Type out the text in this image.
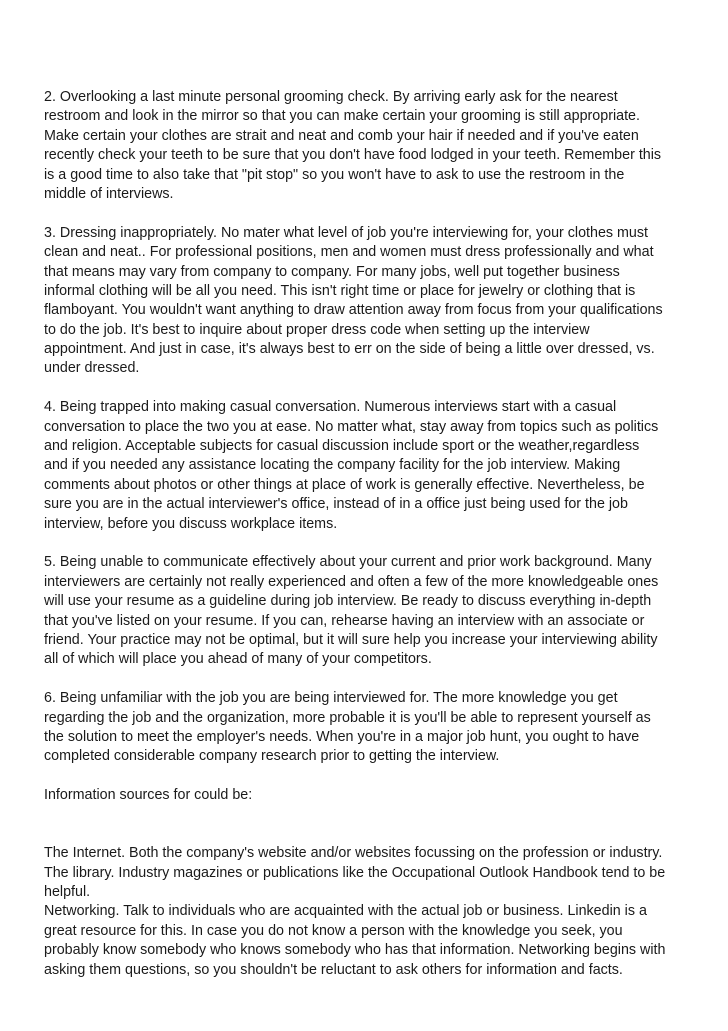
2. Overlooking a last minute personal grooming check. By arriving early ask for the nearest
restroom and look in the mirror so that you can make certain your grooming is still appropriate.
Make certain your clothes are strait and neat and comb your hair if needed and if you've eaten
recently check your teeth to be sure that you don't have food lodged in your teeth. Remember this
is a good time to also take that "pit stop" so you won't have to ask to use the restroom in the
middle of interviews.
3. Dressing inappropriately. No mater what level of job you're interviewing for, your clothes must
clean and neat.. For professional positions, men and women must dress professionally and what
that means may vary from company to company. For many jobs, well put together business
informal clothing will be all you need. This isn't right time or place for jewelry or clothing that is
flamboyant. You wouldn't want anything to draw attention away from focus from your qualifications
to do the job. It's best to inquire about proper dress code when setting up the interview
appointment. And just in case, it's always best to err on the side of being a little over dressed, vs.
under dressed.
4. Being trapped into making casual conversation. Numerous interviews start with a casual
conversation to place the two you at ease. No matter what, stay away from topics such as politics
and religion. Acceptable subjects for casual discussion include sport or the weather,regardless
and if you needed any assistance locating the company facility for the job interview. Making
comments about photos or other things at place of work is generally effective. Nevertheless, be
sure you are in the actual interviewer's office, instead of in a office just being used for the job
interview, before you discuss workplace items.
5. Being unable to communicate effectively about your current and prior work background. Many
interviewers are certainly not really experienced and often a few of the more knowledgeable ones
will use your resume as a guideline during job interview. Be ready to discuss everything in-depth
that you've listed on your resume. If you can, rehearse having an interview with an associate or
friend. Your practice may not be optimal, but it will sure help you increase your interviewing ability
all of which will place you ahead of many of your competitors.
6. Being unfamiliar with the job you are being interviewed for. The more knowledge you get
regarding the job and the organization, more probable it is you'll be able to represent yourself as
the solution to meet the employer's needs. When you're in a major job hunt, you ought to have
completed considerable company research prior to getting the interview.
Information sources for could be:
The Internet. Both the company's website and/or websites focussing on the profession or industry.
The library. Industry magazines or publications like the Occupational Outlook Handbook tend to be
helpful.
Networking. Talk to individuals who are acquainted with the actual job or business. Linkedin is a
great resource for this. In case you do not know a person with the knowledge you seek, you
probably know somebody who knows somebody who has that information. Networking begins with
asking them questions, so you shouldn't be reluctant to ask others for information and facts.
